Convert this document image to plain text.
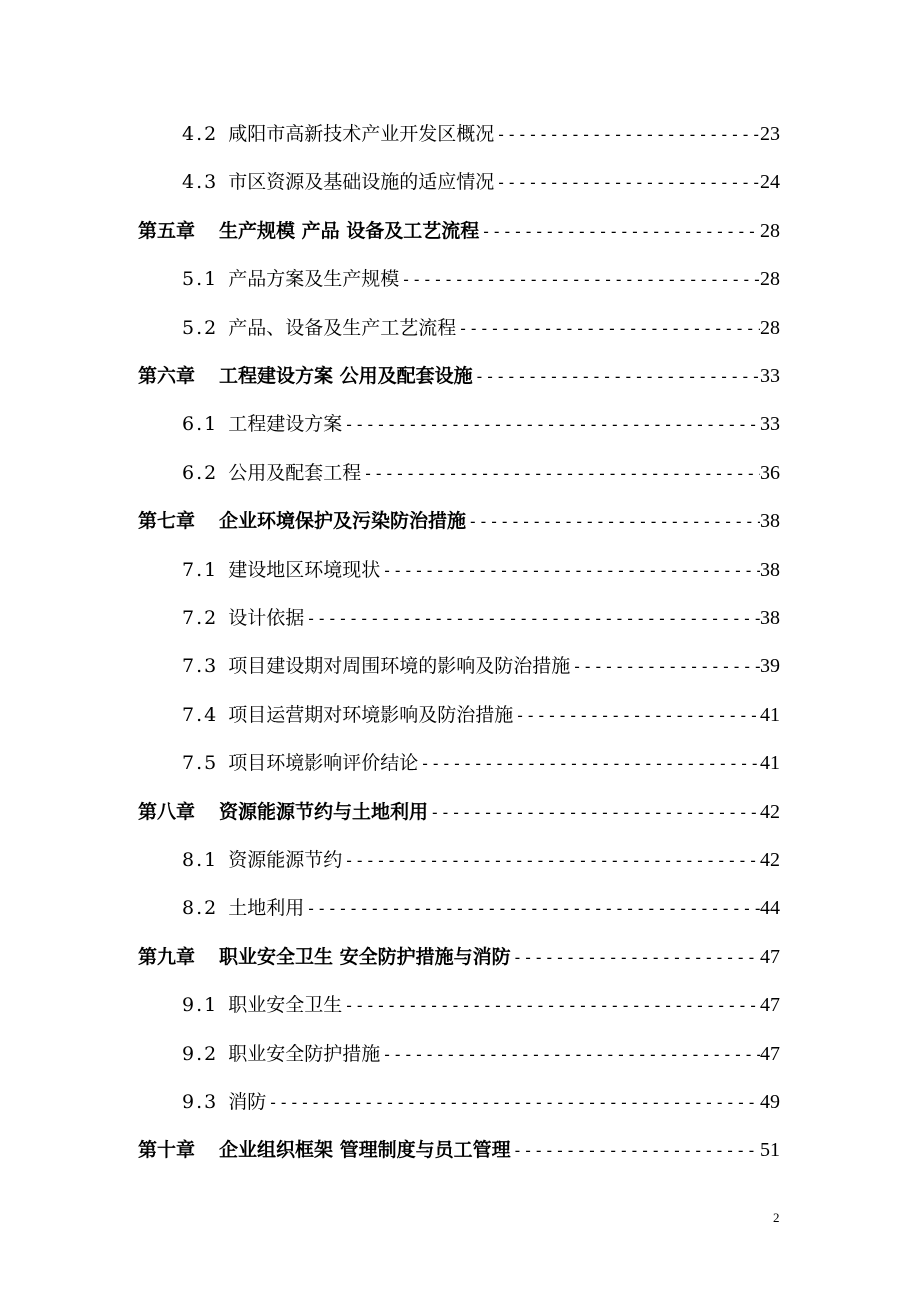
4.2 咸阳市高新技术产业开发区概况 -----	23
4.3 市区资源及基础设施的适应情况 -----	24
第五章 生产规模 产品 设备及工艺流程 -----	28
5.1 产品方案及生产规模 -----	28
5.2 产品、设备及生产工艺流程 -----	28
第六章 工程建设方案 公用及配套设施 -----	33
6.1 工程建设方案 -----	33
6.2 公用及配套工程 -----	36
第七章 企业环境保护及污染防治措施 -----	38
7.1 建设地区环境现状 -----	38
7.2 设计依据 -----	38
7.3 项目建设期对周围环境的影响及防治措施 -----	39
7.4 项目运营期对环境影响及防治措施 -----	41
7.5 项目环境影响评价结论 -----	41
第八章 资源能源节约与土地利用 -----	42
8.1 资源能源节约 -----	42
8.2 土地利用 -----	44
第九章 职业安全卫生 安全防护措施与消防 -----	47
9.1 职业安全卫生 -----	47
9.2 职业安全防护措施 -----	47
9.3 消防 -----	49
第十章 企业组织框架 管理制度与员工管理 -----	51
2
